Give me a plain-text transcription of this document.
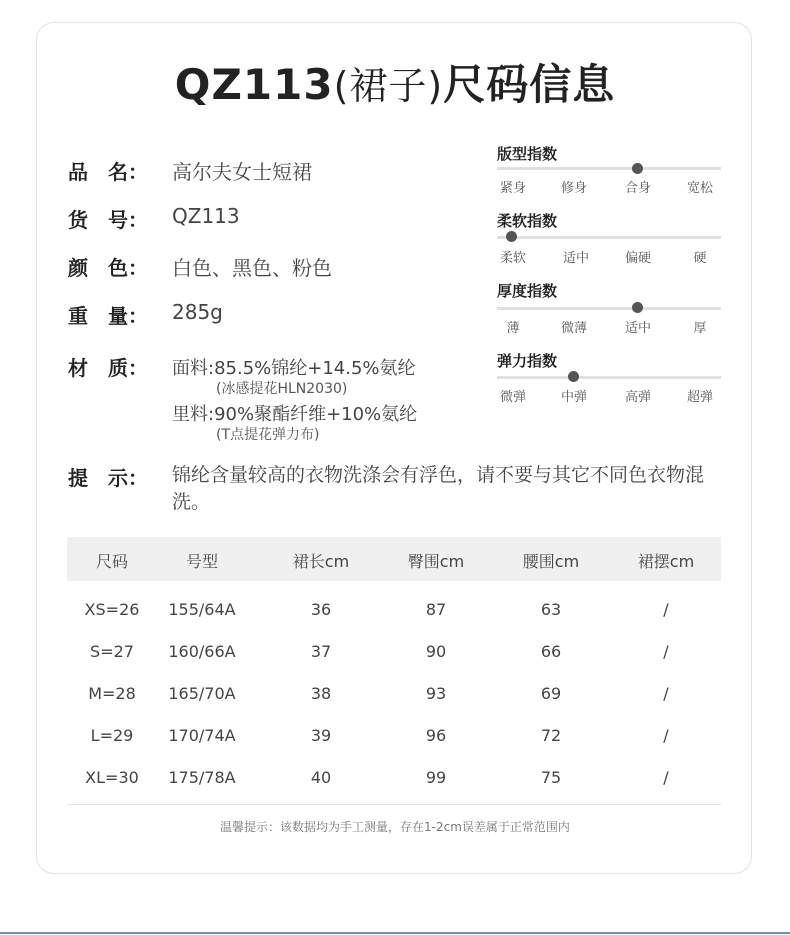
QZ113(裙子)尺码信息
品　名：	高尔夫女士短裙
货　号：	QZ113
颜　色：	白色、黑色、粉色
重　量：	285g
材　质：	面料:85.5%锦纶+14.5%氨纶
(冰感提花HLN2030)
里料:90%聚酯纤维+10%氨纶
(T点提花弹力布)
提　示： 锦纶含量较高的衣物洗涤会有浮色，请不要与其它不同色衣物混洗。
版型指数
紧身	修身	合身	宽松
柔软指数
柔软	适中	偏硬	硬
厚度指数
薄	微薄	适中	厚
弹力指数
微弹	中弹	高弹	超弹
尺码	号型	裙长cm	臀围cm	腰围cm	裙摆cm
XS=26	155/64A	36	87	63	/
S=27	160/66A	37	90	66	/
M=28	165/70A	38	93	69	/
L=29	170/74A	39	96	72	/
XL=30	175/78A	40	99	75	/
温馨提示：该数据均为手工测量，存在1-2cm误差属于正常范围内
